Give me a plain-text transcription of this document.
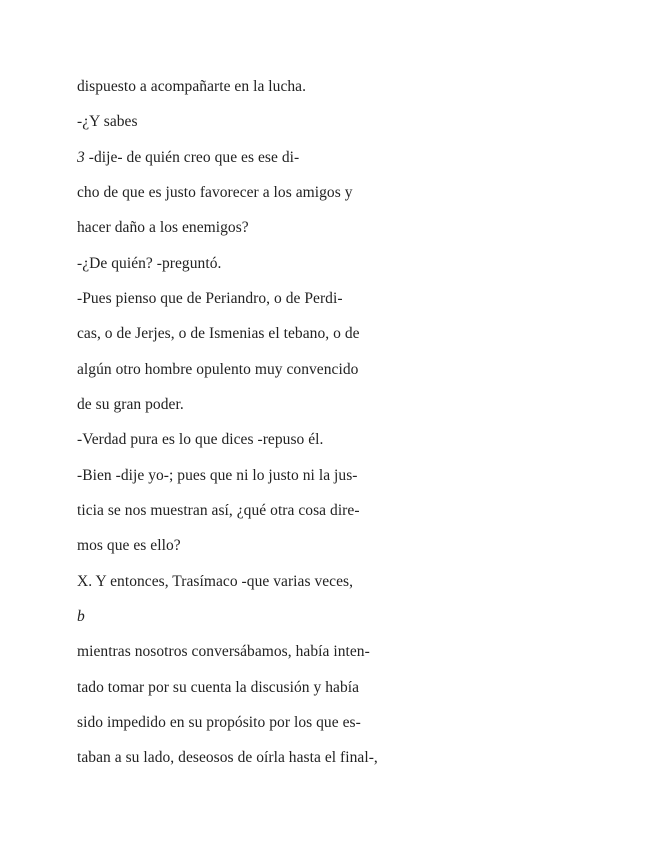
dispuesto a acompañarte en la lucha.
-¿Y sabes
3 -dije- de quién creo que es ese di-
cho de que es justo favorecer a los amigos y
hacer daño a los enemigos?
-¿De quién? -preguntó.
-Pues pienso que de Periandro, o de Perdi-
cas, o de Jerjes, o de Ismenias el tebano, o de
algún otro hombre opulento muy convencido
de su gran poder.
-Verdad pura es lo que dices -repuso él.
-Bien -dije yo-; pues que ni lo justo ni la jus-
ticia se nos muestran así, ¿qué otra cosa dire-
mos que es ello?
X. Y entonces, Trasímaco -que varias veces,
b
mientras nosotros conversábamos, había inten-
tado tomar por su cuenta la discusión y había
sido impedido en su propósito por los que es-
taban a su lado, deseosos de oírla hasta el final-,
